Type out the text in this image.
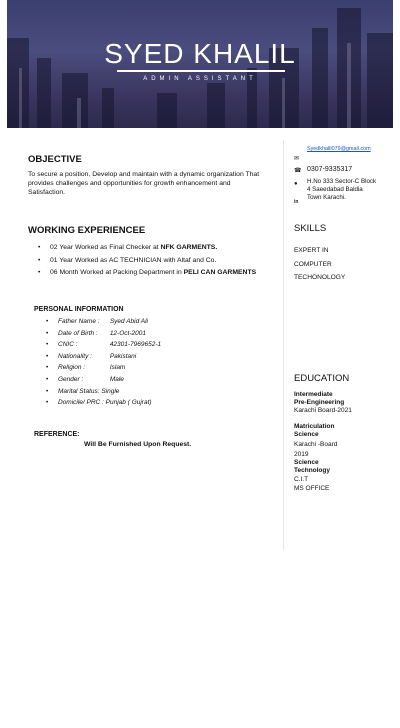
SYED KHALIL
ADMIN ASSISTANT
OBJECTIVE
To secure a position, Develop and maintain with a dynamic organization That provides challenges and opportunities for growth enhancement and Satisfaction.
WORKING EXPERIENCEE
• 02 Year Worked as Final Checker at NFK GARMENTS.
• 01 Year Worked as AC TECHNICIAN with Altaf and Co.
• 06 Month Worked at Packing Department in PELI CAN GARMENTS
PERSONAL INFORMATION
• Father Name : Syed Abid Ali
• Date of Birth : 12-Oct-2001
• CNIC :	42301-7969652-1
• Nationality :	Pakistani
• Religion :	Islam
• Gender :	Male
• Marital Status: Single
• Domicile/ PRC : Punjab ( Gujrat)
REFERENCE:
Will Be Furnished Upon Request.
Syedkhalil079@gmail.com
✉
☎ 0307-9335317
● H.No 333 Sector-C Block
4 Saeedabad Baldia
Town Karachi.
in
SKILLS
EXPERT IN
COMPUTER
TECHONOLOGY
EDUCATION
Intermediate
Pre-Engineering
Karachi Board-2021
Matriculation
Science
Karachi -Board
2019
Science
Technology
C.I.T
MS OFFICE
